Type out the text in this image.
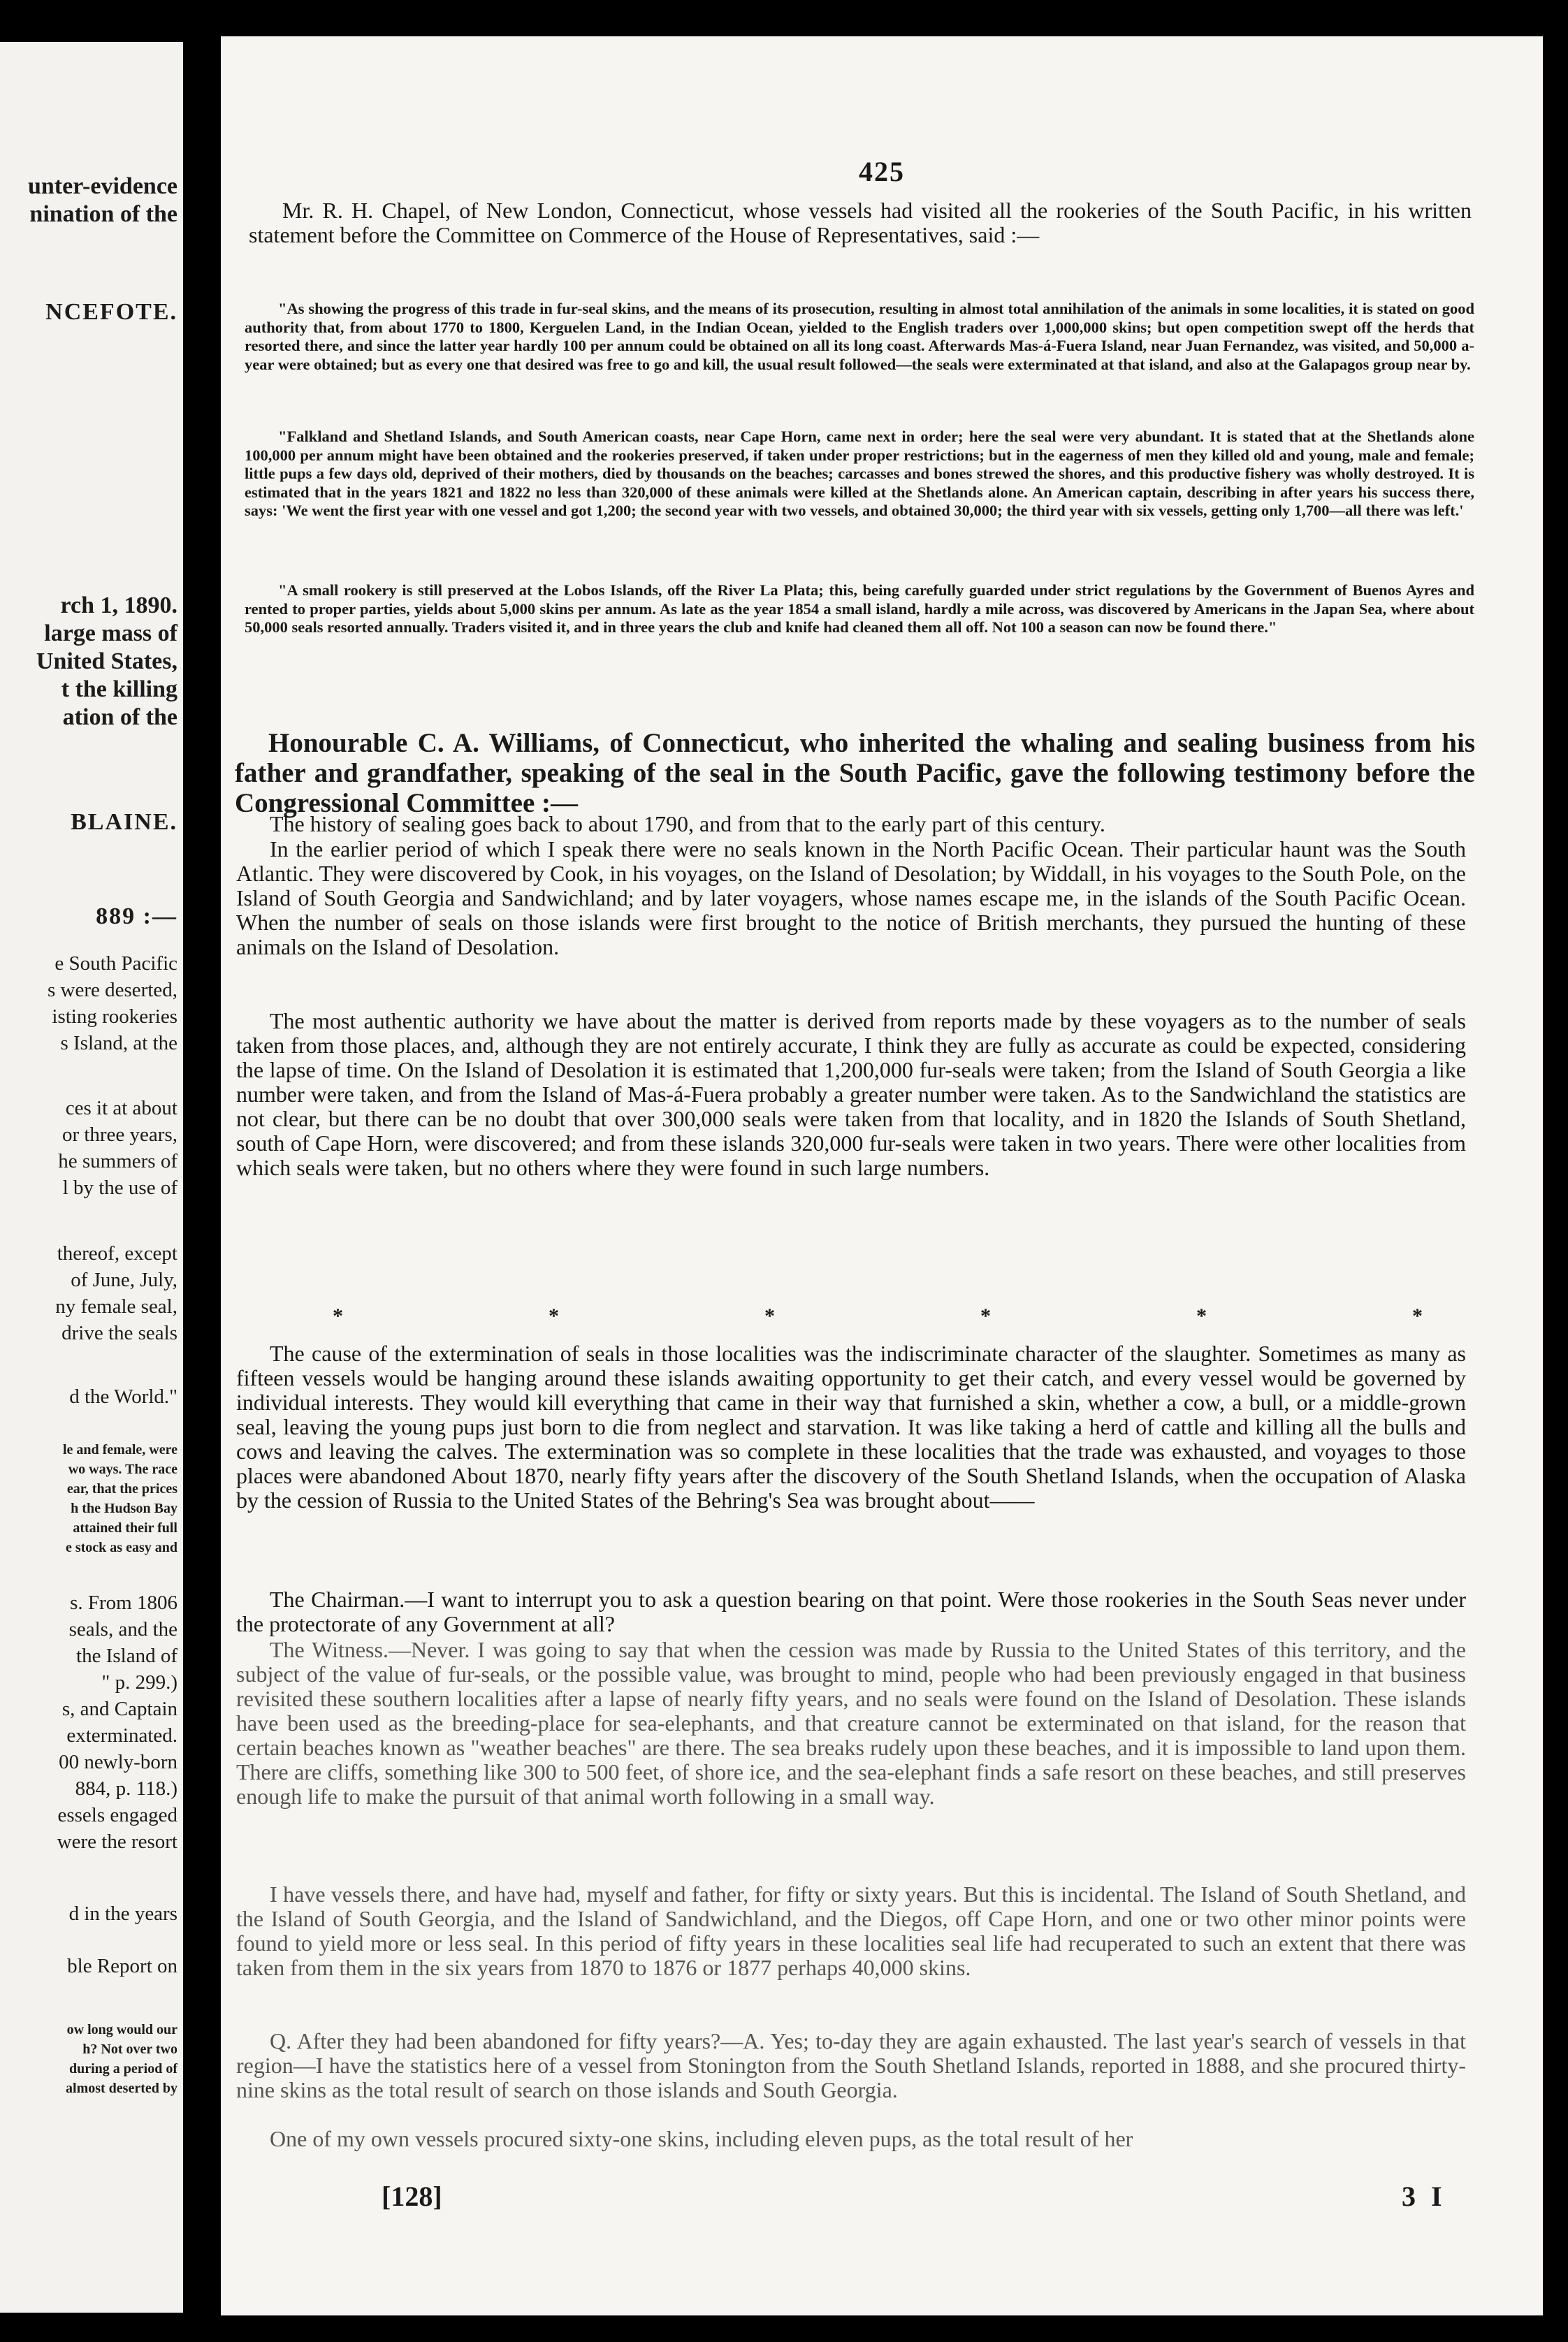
unter-evidence
nination of the
NCEFOTE.
rch 1, 1890.
large mass of
United States,
t the killing
ation of the
BLAINE.
889 :—
e South Pacific
s were deserted,
isting rookeries
s Island, at the
ces it at about
or three years,
he summers of
l by the use of
thereof, except
of June, July,
ny female seal,
drive the seals
d the World."
le and female, were
wo ways. The race
ear, that the prices
h the Hudson Bay
attained their full
e stock as easy and
s. From 1806
seals, and the
the Island of
" p. 299.)
s, and Captain
exterminated.
00 newly-born
884, p. 118.)
essels engaged
were the resort
d in the years
ble Report on
ow long would our
h? Not over two
during a period of
almost deserted by
425

Mr. R. H. Chapel, of New London, Connecticut, whose vessels had visited all the rookeries of the South Pacific, in his written statement before the Committee on Commerce of the House of Representatives, said :—

"As showing the progress of this trade in fur-seal skins, and the means of its prosecution, resulting in almost total annihilation of the animals in some localities, it is stated on good authority that, from about 1770 to 1800, Kerguelen Land, in the Indian Ocean, yielded to the English traders over 1,000,000 skins; but open competition swept off the herds that resorted there, and since the latter year hardly 100 per annum could be obtained on all its long coast. Afterwards Mas-á-Fuera Island, near Juan Fernandez, was visited, and 50,000 a-year were obtained; but as every one that desired was free to go and kill, the usual result followed—the seals were exterminated at that island, and also at the Galapagos group near by.

"Falkland and Shetland Islands, and South American coasts, near Cape Horn, came next in order; here the seal were very abundant. It is stated that at the Shetlands alone 100,000 per annum might have been obtained and the rookeries preserved, if taken under proper restrictions; but in the eagerness of men they killed old and young, male and female; little pups a few days old, deprived of their mothers, died by thousands on the beaches; carcasses and bones strewed the shores, and this productive fishery was wholly destroyed. It is estimated that in the years 1821 and 1822 no less than 320,000 of these animals were killed at the Shetlands alone. An American captain, describing in after years his success there, says: 'We went the first year with one vessel and got 1,200; the second year with two vessels, and obtained 30,000; the third year with six vessels, getting only 1,700—all there was left.'

"A small rookery is still preserved at the Lobos Islands, off the River La Plata; this, being carefully guarded under strict regulations by the Government of Buenos Ayres and rented to proper parties, yields about 5,000 skins per annum. As late as the year 1854 a small island, hardly a mile across, was discovered by Americans in the Japan Sea, where about 50,000 seals resorted annually. Traders visited it, and in three years the club and knife had cleaned them all off. Not 100 a season can now be found there."

Honourable C. A. Williams, of Connecticut, who inherited the whaling and sealing business from his father and grandfather, speaking of the seal in the South Pacific, gave the following testimony before the Congressional Committee :—

The history of sealing goes back to about 1790, and from that to the early part of this century.

In the earlier period of which I speak there were no seals known in the North Pacific Ocean. Their particular haunt was the South Atlantic. They were discovered by Cook, in his voyages, on the Island of Desolation; by Widdall, in his voyages to the South Pole, on the Island of South Georgia and Sandwichland; and by later voyagers, whose names escape me, in the islands of the South Pacific Ocean. When the number of seals on those islands were first brought to the notice of British merchants, they pursued the hunting of these animals on the Island of Desolation.

The most authentic authority we have about the matter is derived from reports made by these voyagers as to the number of seals taken from those places, and, although they are not entirely accurate, I think they are fully as accurate as could be expected, considering the lapse of time. On the Island of Desolation it is estimated that 1,200,000 fur-seals were taken; from the Island of South Georgia a like number were taken, and from the Island of Mas-á-Fuera probably a greater number were taken. As to the Sandwichland the statistics are not clear, but there can be no doubt that over 300,000 seals were taken from that locality, and in 1820 the Islands of South Shetland, south of Cape Horn, were discovered; and from these islands 320,000 fur-seals were taken in two years. There were other localities from which seals were taken, but no others where they were found in such large numbers.

*	*	*	*	*	*

The cause of the extermination of seals in those localities was the indiscriminate character of the slaughter. Sometimes as many as fifteen vessels would be hanging around these islands awaiting opportunity to get their catch, and every vessel would be governed by individual interests. They would kill everything that came in their way that furnished a skin, whether a cow, a bull, or a middle-grown seal, leaving the young pups just born to die from neglect and starvation. It was like taking a herd of cattle and killing all the bulls and cows and leaving the calves. The extermination was so complete in these localities that the trade was exhausted, and voyages to those places were abandoned About 1870, nearly fifty years after the discovery of the South Shetland Islands, when the occupation of Alaska by the cession of Russia to the United States of the Behring's Sea was brought about——

The Chairman.—I want to interrupt you to ask a question bearing on that point. Were those rookeries in the South Seas never under the protectorate of any Government at all?

The Witness.—Never. I was going to say that when the cession was made by Russia to the United States of this territory, and the subject of the value of fur-seals, or the possible value, was brought to mind, people who had been previously engaged in that business revisited these southern localities after a lapse of nearly fifty years, and no seals were found on the Island of Desolation. These islands have been used as the breeding-place for sea-elephants, and that creature cannot be exterminated on that island, for the reason that certain beaches known as "weather beaches" are there. The sea breaks rudely upon these beaches, and it is impossible to land upon them. There are cliffs, something like 300 to 500 feet, of shore ice, and the sea-elephant finds a safe resort on these beaches, and still preserves enough life to make the pursuit of that animal worth following in a small way.

I have vessels there, and have had, myself and father, for fifty or sixty years. But this is incidental. The Island of South Shetland, and the Island of South Georgia, and the Island of Sandwichland, and the Diegos, off Cape Horn, and one or two other minor points were found to yield more or less seal. In this period of fifty years in these localities seal life had recuperated to such an extent that there was taken from them in the six years from 1870 to 1876 or 1877 perhaps 40,000 skins.

Q. After they had been abandoned for fifty years?—A. Yes; to-day they are again exhausted. The last year's search of vessels in that region—I have the statistics here of a vessel from Stonington from the South Shetland Islands, reported in 1888, and she procured thirty-nine skins as the total result of search on those islands and South Georgia.

One of my own vessels procured sixty-one skins, including eleven pups, as the total result of her

[128]	3 I
